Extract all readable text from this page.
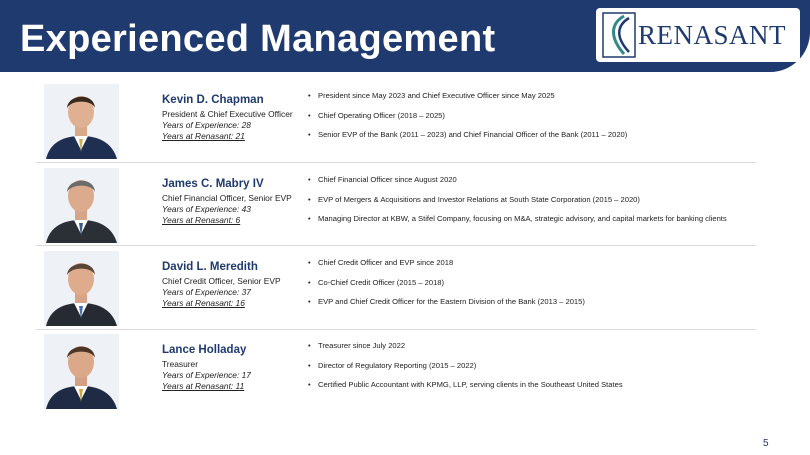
Experienced Management	RENASANT
Kevin D. Chapman
President & Chief Executive Officer
Years of Experience: 28
Years at Renasant: 21
• President since May 2023 and Chief Executive Officer since May 2025
• Chief Operating Officer (2018 – 2025)
• Senior EVP of the Bank (2011 – 2023) and Chief Financial Officer of the Bank (2011 – 2020)
James C. Mabry IV
Chief Financial Officer, Senior EVP
Years of Experience: 43
Years at Renasant: 6
• Chief Financial Officer since August 2020
• EVP of Mergers & Acquisitions and Investor Relations at South State Corporation (2015 – 2020)
• Managing Director at KBW, a Stifel Company, focusing on M&A, strategic advisory, and capital markets for banking clients
David L. Meredith
Chief Credit Officer, Senior EVP
Years of Experience: 37
Years at Renasant: 16
• Chief Credit Officer and EVP since 2018
• Co-Chief Credit Officer (2015 – 2018)
• EVP and Chief Credit Officer for the Eastern Division of the Bank (2013 – 2015)
Lance Holladay
Treasurer
Years of Experience: 17
Years at Renasant: 11
• Treasurer since July 2022
• Director of Regulatory Reporting (2015 – 2022)
• Certified Public Accountant with KPMG, LLP, serving clients in the Southeast United States
5
